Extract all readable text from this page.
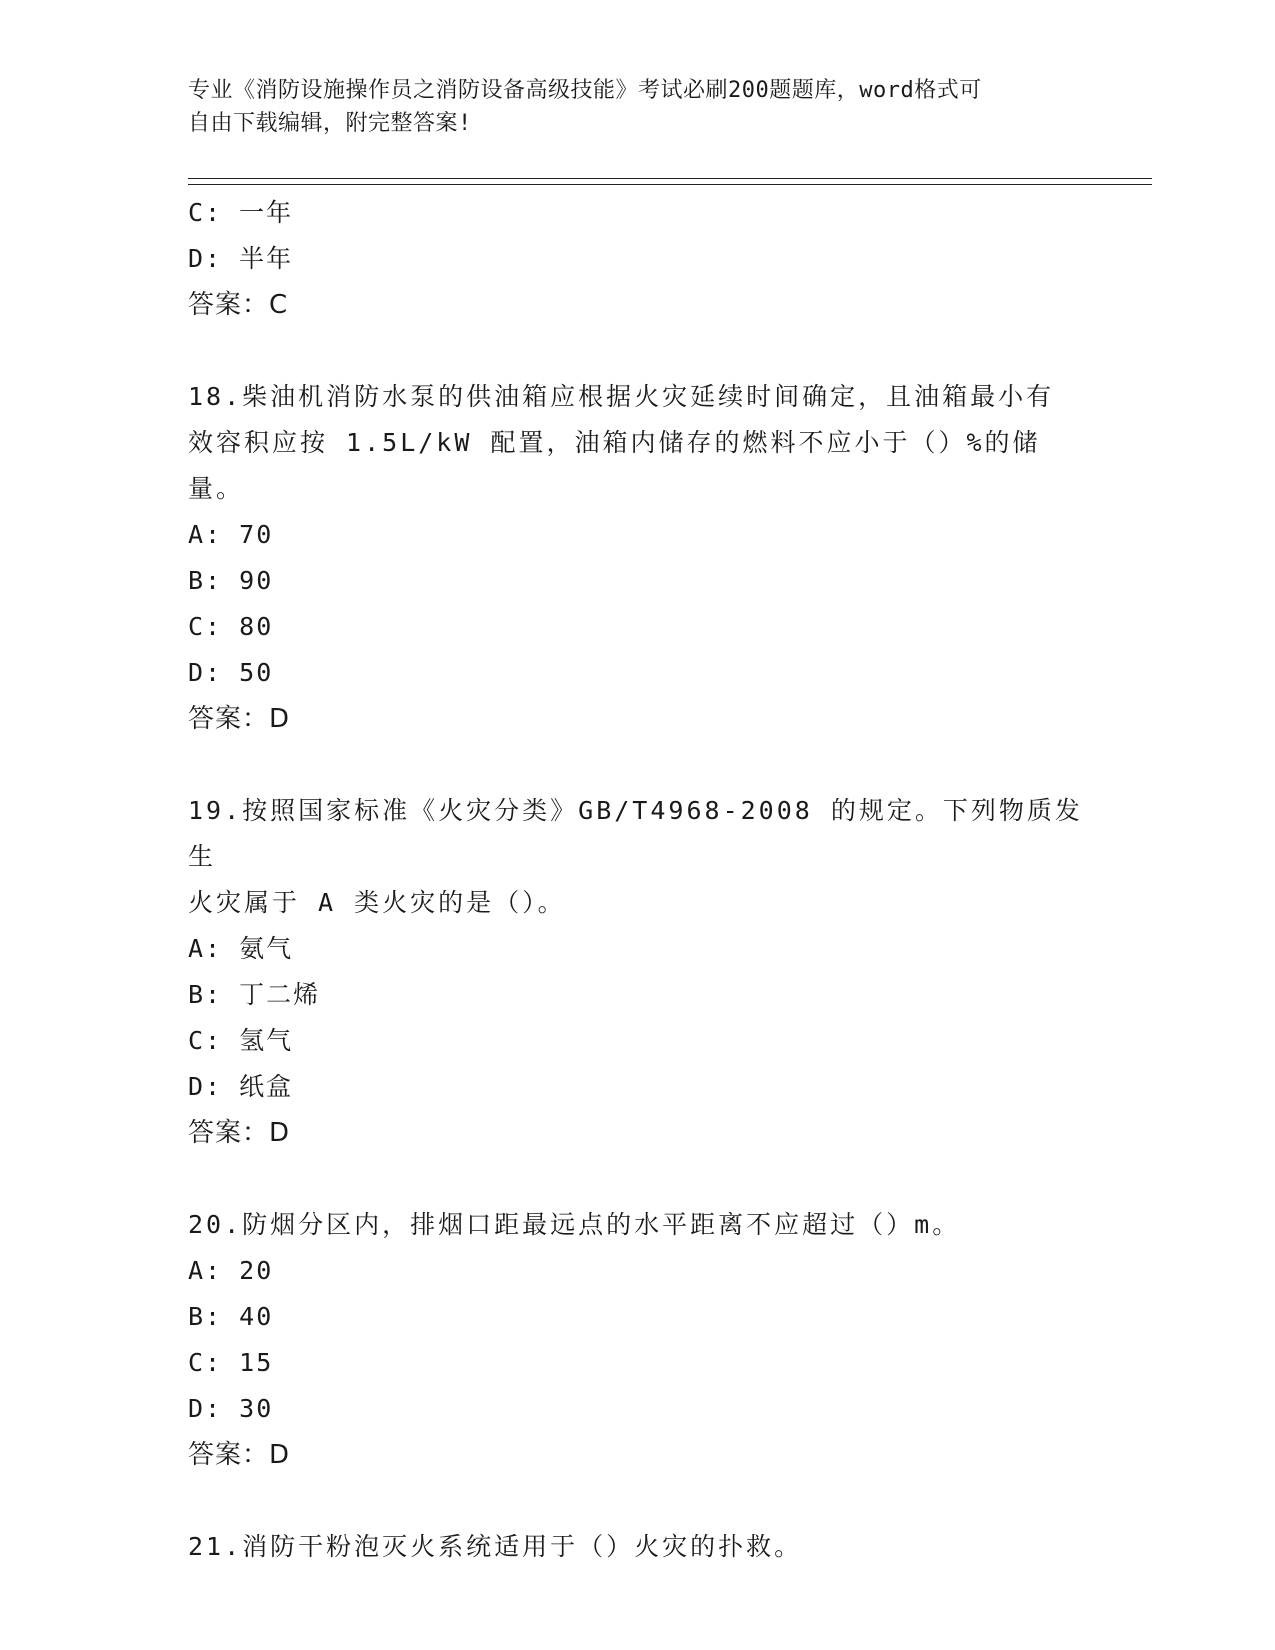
专业《消防设施操作员之消防设备高级技能》考试必刷200题题库，word格式可
自由下载编辑，附完整答案!
C: 一年
D: 半年
答案：C
18.柴油机消防水泵的供油箱应根据火灾延续时间确定，且油箱最小有
效容积应按 1.5L/kW 配置，油箱内储存的燃料不应小于（）%的储量。
A: 70
B: 90
C: 80
D: 50
答案：D
19.按照国家标准《火灾分类》GB/T4968-2008 的规定。下列物质发生
火灾属于 A 类火灾的是（）。
A: 氨气
B: 丁二烯
C: 氢气
D: 纸盒
答案：D
20.防烟分区内，排烟口距最远点的水平距离不应超过（）m。
A: 20
B: 40
C: 15
D: 30
答案：D
21.消防干粉泡灭火系统适用于（）火灾的扑救。
